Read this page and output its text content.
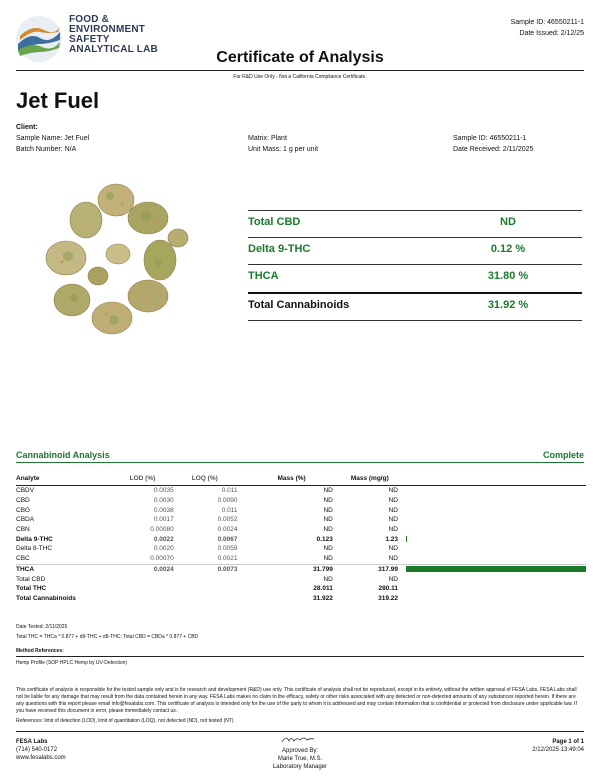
FOOD &
ENVIRONMENT
SAFETY
ANALYTICAL LAB
Sample ID: 46550211-1
Date Issued: 2/12/25
Certificate of Analysis
For R&D Use Only - Not a California Compliance Certificate.
Jet Fuel
Client:
Sample Name: Jet Fuel
Batch Number: N/A
Matrix: Plant
Unit Mass: 1 g per unit
Sample ID: 46550211-1
Date Received: 2/11/2025
Total CBD	ND
Delta 9-THC	0.12 %
THCA	31.80 %
Total Cannabinoids	31.92 %
Cannabinoid Analysis	Complete
Analyte	LOD (%)	LOQ (%)	Mass (%)	Mass (mg/g)	
CBDV	0.0035	0.011	ND	ND	
CBD	0.0030	0.0090	ND	ND	
CBG	0.0038	0.011	ND	ND	
CBDA	0.0017	0.0052	ND	ND	
CBN	0.00080	0.0024	ND	ND	
Delta 9-THC	0.0022	0.0067	0.123	1.23	
Delta 8-THC	0.0020	0.0059	ND	ND	
CBC	0.00070	0.0021	ND	ND	
THCA	0.0024	0.0073	31.799	317.99	
Total CBD			ND	ND	
Total THC			28.011	280.11	
Total Cannabinoids			31.922	319.22	
Date Tested: 2/11/2025
Total THC = THCa * 0.877 + d9-THC + d8-THC; Total CBD = CBDa * 0.877 + CBD
Method References:
Hemp Profile (SOP HPLC Hemp by UV-Detection)
This certificate of analysis is responsible for the tested sample only and is for research and development (R&D) use only. This certificate of analysis shall not be reproduced, except in its entirety, without the written approval of FESA Labs. FESA Labs shall not be liable for any damage that may result from the data contained herein in any way. FESA Labs makes no claim to the efficacy, safety or other risks associated with any detected or non-detected amounts of any substances reported herein. If there are any questions with this report please email info@fesalabs.com. This certificate of analysis is intended only for the use of the party to whom it is addressed and may contain information that is confidential or protected from disclosure under applicable law. If you have received this document in error, please immediately contact us.
References: limit of detection (LOD), limit of quantitation (LOQ), not detected (ND), not tested (NT)
FESA Labs
(714) 540-0172
www.fesalabs.com
Approved By:
Marie True, M.S.
Laboratory Manager
Page 1 of 1
2/12/2025 13:49:04
